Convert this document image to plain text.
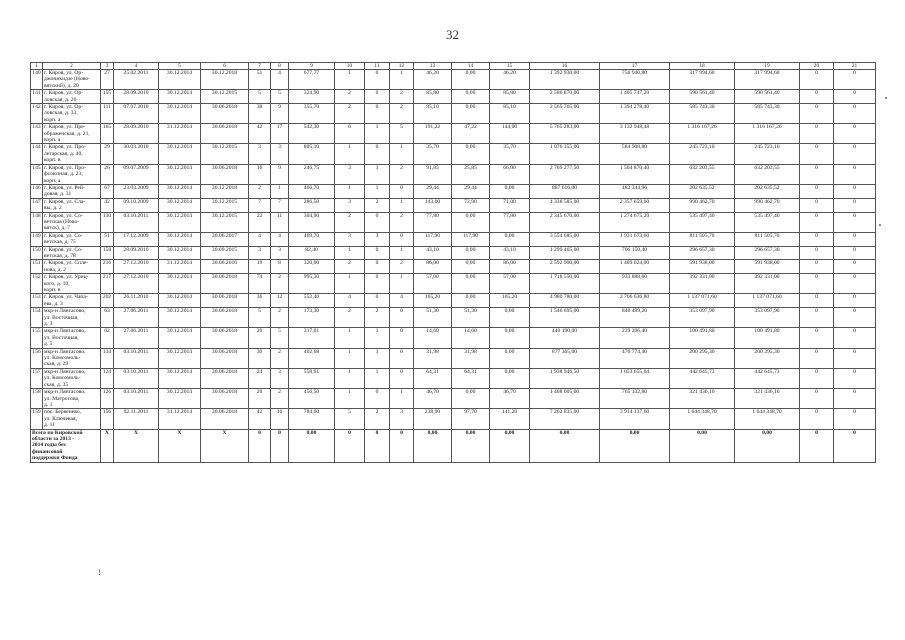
32
1	2	3	4	5	6	7	8	9	10	11	12	13	14	15	16	17	18	19	20	21
140	г. Киров, ул. Ор-
джоникидзе (Ново-
вятский), д. 20	27	25.02.2011	30.12.2014	30.12.2018	51	4	677,77	1	0	1	46,20	0,00	46,20	1 392 930,00	756 940,80	317 994,60	317 994,60	0	0
141	г. Киров, ул. Ор-
ловская, д. 20	155	28.09.2010	30.12.2014	30.12.2015	5	5	324,90	2	0	2	85,80	0,00	85,80	2 586 870,00	1 405 747,20	590 561,40	590 561,40	0	0
142	г. Киров, ул. Ор-
ловская, д. 33,
корп. а	111	07.07.2010	30.12.2014	30.06.2018	38	9	355,70	2	0	2	85,10	0,00	85,10	2 565 765,00	1 394 278,40	585 743,30	585 743,30	0	0
143	г. Киров, ул. Пре-
ображенская, д. 21,
корп. а	165	28.09.2010	31.12.2014	30.06.2018	42	17	542,30	6	1	5	191,22	47,22	144,00	5 765 283,00	3 132 948,48	1 316 167,26	1 316 167,26	0	0
144	г. Киров, ул. Про-
летарская, д. 40,
корп. в	29	30.03.2010	30.12.2014	30.12.2015	3	3	805,10	1	0	1	35,70	0,00	35,70	1 076 355,00	584 908,80	245 723,10	245 723,10	0	0
145	г. Киров, ул. Про-
фсоюзная, д. 23,
корп. а	26	09.07.2009	30.12.2014	30.06.2018	16	9	246,75	3	1	2	91,85	25,85	66,00	2 769 277,50	1 504 870,40	632 203,55	632 203,55	0	0
146	г. Киров, ул. Рей-
довая, д. 31	67	23.03.2009	30.12.2014	30.12.2018	2	1	466,70	1	1	0	29,44	29,44	0,00	887 616,00	482 344,96	202 635,52	202 635,52	0	0
147	г. Киров, ул. Сла-
вы, д. 2	42	09.10.2009	30.12.2014	30.12.2015	7	7	286,50	3	2	1	143,00	72,90	71,00	4 338 585,00	2 357 659,60	990 462,70	990 462,70	0	0
148	г. Киров, ул. Со-
ветская (Ново-
вятск), д. 7	130	03.10.2011	30.12.2014	30.12.2015	22	11	304,90	2	0	2	77,80	0,00	77,80	2 345 670,00	1 274 675,20	535 497,40	535 497,40	0	0
149	г. Киров, ул. Со-
ветская, д. 75	51	17.12.2009	30.12.2014	30.06.2017	4	4	469,70	3	3	0	117,90	117,90	0,00	3 554 685,00	1 931 673,60	811 505,70	811 505,70	0	0
150	г. Киров, ул. Со-
ветская, д. 78	158	28.09.2010	30.12.2014	30.09.2015	3	3	82,40	1	0	1	43,10	0,00	43,10	1 299 465,00	706 150,40	296 657,30	296 657,30	0	0
151	г. Киров, ул. Спле-
нова, д. 2	216	27.12.2010	31.12.2014	30.06.2016	19	8	320,00	2	0	2	86,00	0,00	86,00	2 592 900,00	1 409 024,00	591 938,00	591 938,00	0	0
152	г. Киров, ул. Уриц-
кого, д. 10,
корп. в	217	27.12.2010	30.12.2014	30.06.2018	74	2	995,30	1	0	1	57,00	0,00	57,00	1 718 550,00	933 888,00	392 331,00	392 331,00	0	0
153	г. Киров, ул. Чапа-
ева, д. 3	202	26.11.2010	30.12.2014	30.06.2018	36	12	552,40	4	0	4	165,20	0,00	165,20	4 980 780,00	2 706 636,80	1 137 071,60	1 137 071,60	0	0
154	мкр-н Лянгасово,
ул. Восточная,
д. 3	63	27.06.2011	30.12.2014	30.06.2018	5	2	173,30	2	2	0	51,30	51,30	0,00	1 546 695,00	840 499,20	353 097,90	353 097,90	0	0
155	мкр-н Лянгасово,
ул. Восточная,
д. 5	62	27.06.2011	30.12.2014	30.06.2018	26	5	317,01	1	1	0	14,60	14,60	0,00	440 190,00	239 206,40	100 491,80	100 491,80	0	0
156	мкр-н Лянгасово,
ул. Комсомоль-
ская, д. 29	134	03.10.2011	30.12.2014	30.06.2018	30	2	402,68	1	1	0	31,98	31,98	0,00	877 365,00	476 774,40	200 295,30	200 295,30	0	0
157	мкр-н Лянгасово,
ул. Комсомоль-
ская, д. 35	124	03.10.2011	30.12.2014	30.06.2018	24	3	558,91	1	1	0	64,31	64,31	0,00	1 938 946,50	1 053 655,04	442 645,73	442 645,73	0	0
158	мкр-н Лянгасово,
ул. Матросова,
д. 1	126	03.10.2011	30.12.2014	30.06.2018	20	2	456,50	1	0	1	46,70	0,00	46,70	1 408 005,00	765 132,80	321 436,10	321 436,10	0	0
159	пос. Бервенево,
ул. Ключевая,
д. 11	156	02.11.2011	31.12.2014	30.06.2018	42	16	784,60	5	2	3	238,90	97,70	141,20	7 202 835,00	3 914 137,60	1 644 348,70	1 644 348,70	0	0
Всего по Кировской
области за 2013 -
2014 годы без
финансовой
поддержки Фонда		X	X	X	X	0	0	0,00	0	0	0	0,00	0,00	0,00	0,00	0,00	0,00	0,00	0	0
!
